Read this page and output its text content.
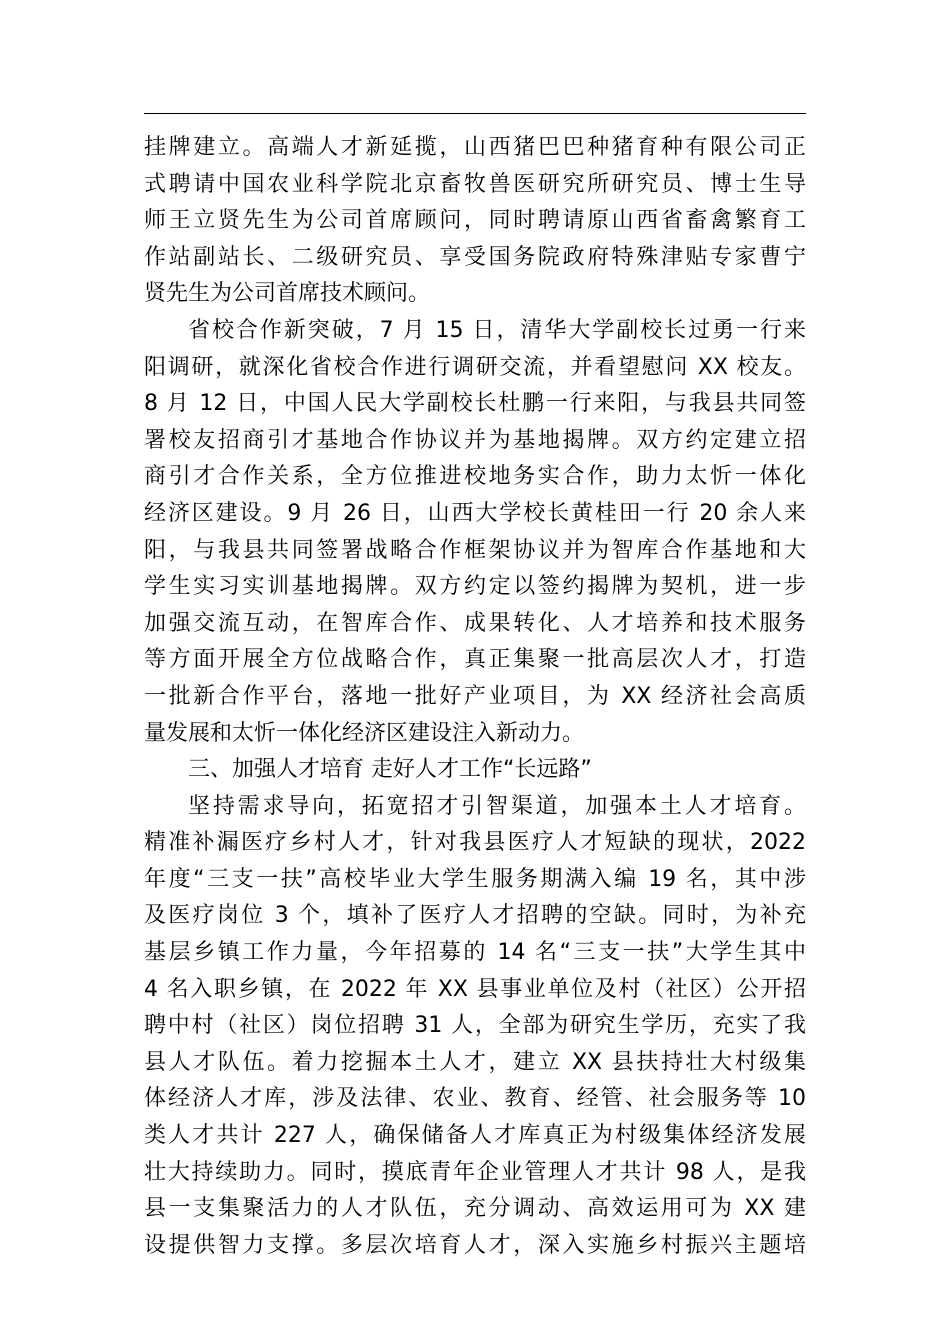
挂牌建立。高端人才新延揽，山西猪巴巴种猪育种有限公司正
式聘请中国农业科学院北京畜牧兽医研究所研究员、博士生导
师王立贤先生为公司首席顾问，同时聘请原山西省畜禽繁育工
作站副站长、二级研究员、享受国务院政府特殊津贴专家曹宁
贤先生为公司首席技术顾问。
省校合作新突破，7 月 15 日，清华大学副校长过勇一行来
阳调研，就深化省校合作进行调研交流，并看望慰问 XX 校友。
8 月 12 日，中国人民大学副校长杜鹏一行来阳，与我县共同签
署校友招商引才基地合作协议并为基地揭牌。双方约定建立招
商引才合作关系，全方位推进校地务实合作，助力太忻一体化
经济区建设。9 月 26 日，山西大学校长黄桂田一行 20 余人来
阳，与我县共同签署战略合作框架协议并为智库合作基地和大
学生实习实训基地揭牌。双方约定以签约揭牌为契机，进一步
加强交流互动，在智库合作、成果转化、人才培养和技术服务
等方面开展全方位战略合作，真正集聚一批高层次人才，打造
一批新合作平台，落地一批好产业项目，为 XX 经济社会高质
量发展和太忻一体化经济区建设注入新动力。
三、加强人才培育 走好人才工作“长远路”
坚持需求导向，拓宽招才引智渠道，加强本土人才培育。
精准补漏医疗乡村人才，针对我县医疗人才短缺的现状，2022
年度“三支一扶”高校毕业大学生服务期满入编 19 名，其中涉
及医疗岗位 3 个，填补了医疗人才招聘的空缺。同时，为补充
基层乡镇工作力量，今年招募的 14 名“三支一扶”大学生其中
4 名入职乡镇，在 2022 年 XX 县事业单位及村（社区）公开招
聘中村（社区）岗位招聘 31 人，全部为研究生学历，充实了我
县人才队伍。着力挖掘本土人才，建立 XX 县扶持壮大村级集
体经济人才库，涉及法律、农业、教育、经管、社会服务等 10
类人才共计 227 人，确保储备人才库真正为村级集体经济发展
壮大持续助力。同时，摸底青年企业管理人才共计 98 人，是我
县一支集聚活力的人才队伍，充分调动、高效运用可为 XX 建
设提供智力支撑。多层次培育人才，深入实施乡村振兴主题培
